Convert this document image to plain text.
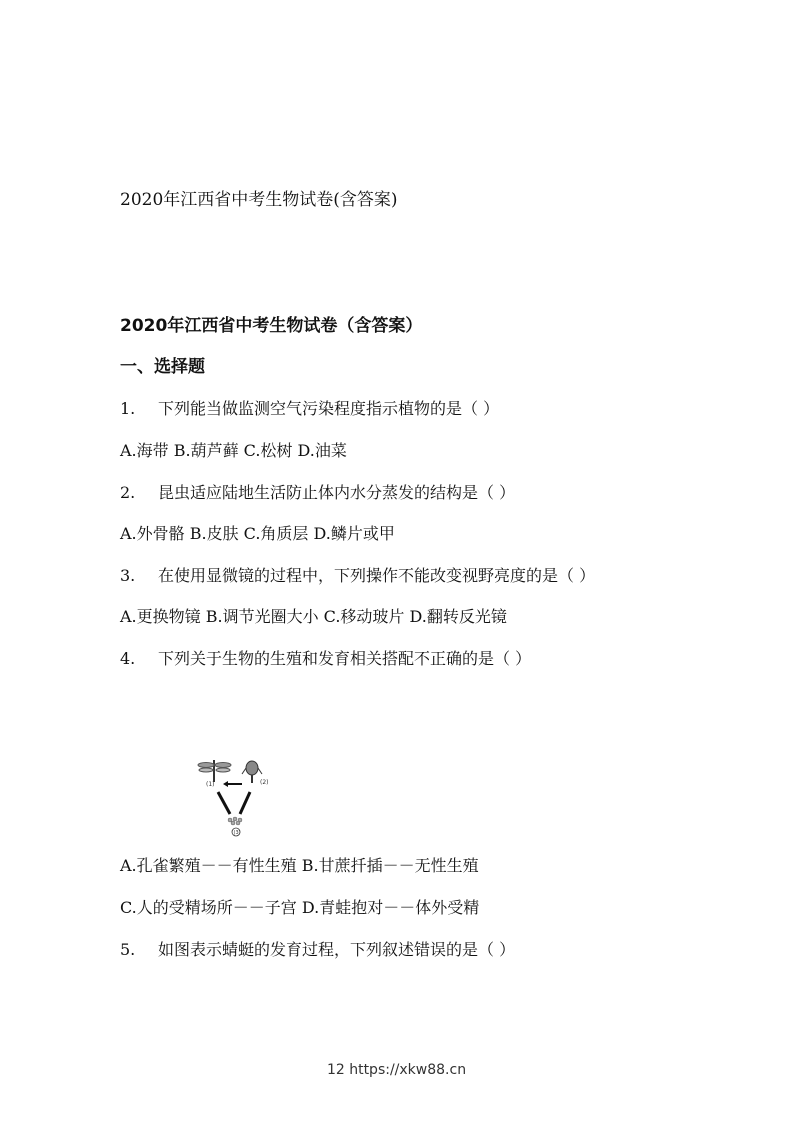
2020年江西省中考生物试卷(含答案)
2020年江西省中考生物试卷（含答案）
一、选择题
1. 下列能当做监测空气污染程度指示植物的是（ ）
A.海带 B.葫芦藓 C.松树 D.油菜
2. 昆虫适应陆地生活防止体内水分蒸发的结构是（ ）
A.外骨骼 B.皮肤 C.角质层 D.鳞片或甲
3. 在使用显微镜的过程中，下列操作不能改变视野亮度的是（ ）
A.更换物镜 B.调节光圈大小 C.移动玻片 D.翻转反光镜
4. 下列关于生物的生殖和发育相关搭配不正确的是（ ）
(1)	(2)
(3)
A.孔雀繁殖－－有性生殖 B.甘蔗扦插－－无性生殖
C.人的受精场所－－子宫 D.青蛙抱对－－体外受精
5. 如图表示蜻蜓的发育过程，下列叙述错误的是（ ）
12 https://xkw88.cn
